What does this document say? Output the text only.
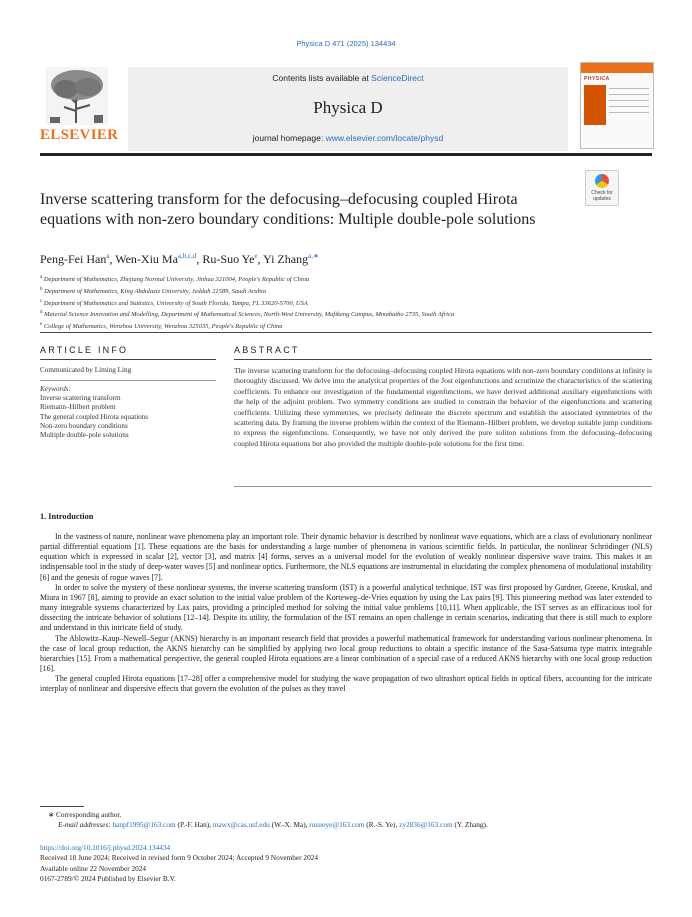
Physica D 471 (2025) 134434
ELSEVIER
Contents lists available at ScienceDirect
Physica D
journal homepage: www.elsevier.com/locate/physd
PHYSICA
Check for
updates
Inverse scattering transform for the defocusing–defocusing coupled Hirota equations with non-zero boundary conditions: Multiple double-pole solutions
Peng-Fei Han$^a$, Wen-Xiu Ma$^{a,b,c,d}$, Ru-Suo Ye$^e$, Yi Zhang$^{a,∗}$
$^a$ Department of Mathematics, Zhejiang Normal University, Jinhua 321004, People's Republic of China
$^b$ Department of Mathematics, King Abdulaziz University, Jeddah 21589, Saudi Arabia
$^c$ Department of Mathematics and Statistics, University of South Florida, Tampa, FL 33620-5700, USA
$^d$ Material Science Innovation and Modelling, Department of Mathematical Sciences, North-West University, Mafikeng Campus, Mmabatho 2735, South Africa
$^e$ College of Mathematics, Wenzhou University, Wenzhou 325035, People's Republic of China
ARTICLE INFO
Communicated by Liming Ling
Keywords:
Inverse scattering transform
Riemann–Hilbert problem
The general coupled Hirota equations
Non-zero boundary conditions
Multiple double-pole solutions
ABSTRACT
The inverse scattering transform for the defocusing–defocusing coupled Hirota equations with non-zero boundary conditions at infinity is thoroughly discussed. We delve into the analytical properties of the Jost eigenfunctions and scrutinize the characteristics of the scattering coefficients. To enhance our investigation of the fundamental eigenfunctions, we have derived additional auxiliary eigenfunctions with the help of the adjoint problem. Two symmetry conditions are studied to constrain the behavior of the eigenfunctions and scattering coefficients. Utilizing these symmetries, we precisely delineate the discrete spectrum and establish the associated symmetries of the scattering data. By framing the inverse problem within the context of the Riemann–Hilbert problem, we develop suitable jump conditions to express the eigenfunctions. Consequently, we have not only derived the pure soliton solutions from the defocusing–defocusing coupled Hirota equations but also provided the multiple double-pole solutions for the first time.
1. Introduction

In the vastness of nature, nonlinear wave phenomena play an important role. Their dynamic behavior is described by nonlinear wave equations, which are a class of evolutionary nonlinear partial differential equations [1]. These equations are the basis for understanding a large number of phenomena in various scientific fields. In particular, the nonlinear Schrödinger (NLS) equation which is expressed in scalar [2], vector [3], and matrix [4] forms, serves as a universal model for the evolution of weakly nonlinear dispersive wave trains. This makes it an indispensable tool in the study of deep-water waves [5] and nonlinear optics. Furthermore, the NLS equations are instrumental in elucidating the complex phenomena of modulational instability [6] and the genesis of rogue waves [7].

In order to solve the mystery of these nonlinear systems, the inverse scattering transform (IST) is a powerful analytical technique. IST was first proposed by Gardner, Greene, Kruskal, and Miura in 1967 [8], aiming to provide an exact solution to the initial value problem of the Korteweg–de-Vries equation by using the Lax pairs [9]. This pioneering method was later extended to many integrable systems characterized by Lax pairs, providing a principled method for solving the initial value problems [10,11]. When applicable, the IST serves as an efficacious tool for dissecting the intricate behavior of solutions [12–14]. Despite its utility, the formulation of the IST remains an open challenge in certain scenarios, indicating that there is still much to explore and understand in this intricate field of study.

The Ablowitz–Kaup–Newell–Segur (AKNS) hierarchy is an important research field that provides a powerful mathematical framework for understanding various nonlinear phenomena. In the case of local group reduction, the AKNS hierarchy can be simplified by applying two local group reductions to obtain a specific instance of the Sasa-Satsuma type matrix integrable hierarchies [15]. From a mathematical perspective, the general coupled Hirota equations are a linear combination of a special case of a reduced AKNS hierarchy with one local group reduction [16].

The general coupled Hirota equations [17–28] offer a comprehensive model for studying the wave propagation of two ultrashort optical fields in optical fibers, accounting for the intricate interplay of nonlinear and dispersive effects that govern the evolution of the pulses as they travel

∗ Corresponding author.
E-mail addresses: hanpf1995@163.com (P.-F. Han), mawx@cas.usf.edu (W.-X. Ma), rusuoye@163.com (R.-S. Ye), zy2836@163.com (Y. Zhang).
https://doi.org/10.1016/j.physd.2024.134434
Received 18 June 2024; Received in revised form 9 October 2024; Accepted 9 November 2024
Available online 22 November 2024
0167-2789/© 2024 Published by Elsevier B.V.
